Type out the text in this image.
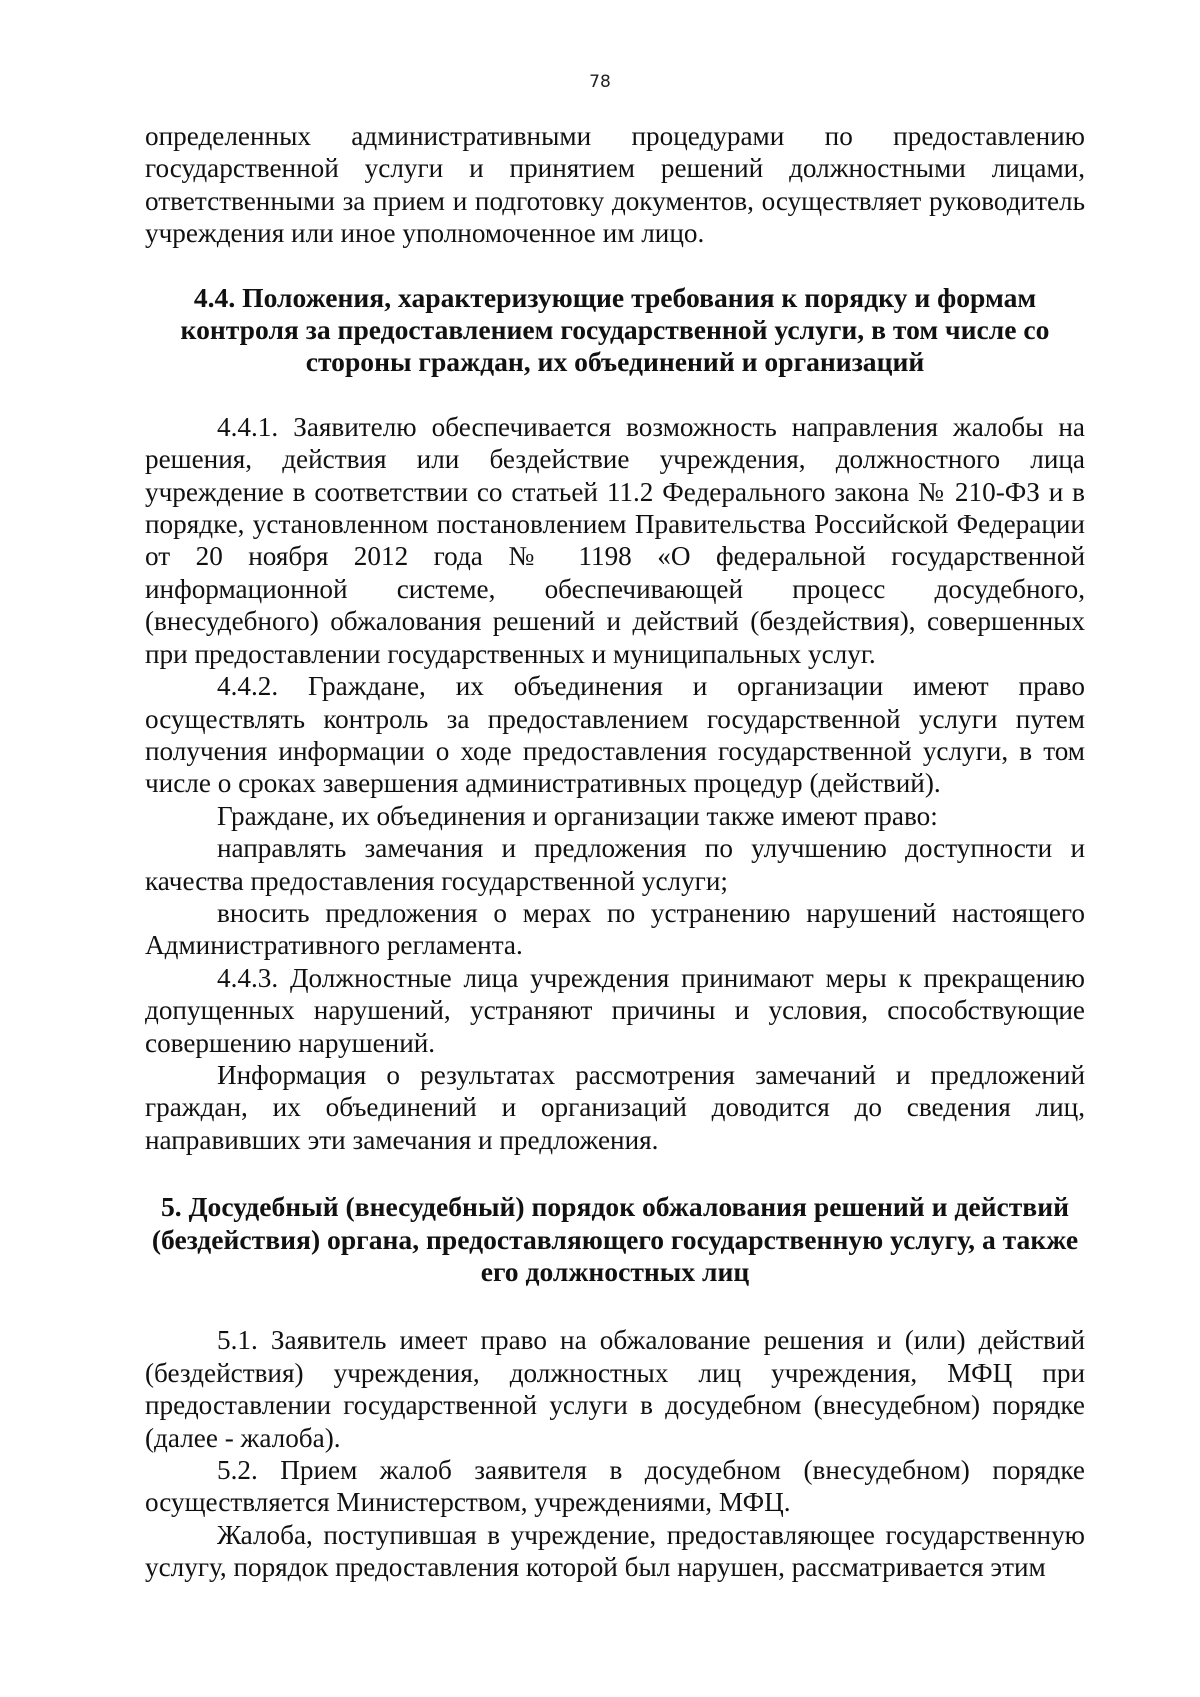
78

определенных административными процедурами по предоставлению государственной услуги и принятием решений должностными лицами, ответственными за прием и подготовку документов, осуществляет руководитель учреждения или иное уполномоченное им лицо.

4.4. Положения, характеризующие требования к порядку и формам контроля за предоставлением государственной услуги, в том числе со стороны граждан, их объединений и организаций

4.4.1. Заявителю обеспечивается возможность направления жалобы на решения, действия или бездействие учреждения, должностного лица учреждение в соответствии со статьей 11.2 Федерального закона № 210-ФЗ и в порядке, установленном постановлением Правительства Российской Федерации от 20 ноября 2012 года № 1198 «О федеральной государственной информационной системе, обеспечивающей процесс досудебного, (внесудебного) обжалования решений и действий (бездействия), совершенных при предоставлении государственных и муниципальных услуг.

4.4.2. Граждане, их объединения и организации имеют право осуществлять контроль за предоставлением государственной услуги путем получения информации о ходе предоставления государственной услуги, в том числе о сроках завершения административных процедур (действий).

Граждане, их объединения и организации также имеют право:

направлять замечания и предложения по улучшению доступности и качества предоставления государственной услуги;

вносить предложения о мерах по устранению нарушений настоящего Административного регламента.

4.4.3. Должностные лица учреждения принимают меры к прекращению допущенных нарушений, устраняют причины и условия, способствующие совершению нарушений.

Информация о результатах рассмотрения замечаний и предложений граждан, их объединений и организаций доводится до сведения лиц, направивших эти замечания и предложения.

5. Досудебный (внесудебный) порядок обжалования решений и действий (бездействия) органа, предоставляющего государственную услугу, а также его должностных лиц

5.1. Заявитель имеет право на обжалование решения и (или) действий (бездействия) учреждения, должностных лиц учреждения, МФЦ при предоставлении государственной услуги в досудебном (внесудебном) порядке (далее - жалоба).

5.2. Прием жалоб заявителя в досудебном (внесудебном) порядке осуществляется Министерством, учреждениями, МФЦ.

Жалоба, поступившая в учреждение, предоставляющее государственную услугу, порядок предоставления которой был нарушен, рассматривается этим
